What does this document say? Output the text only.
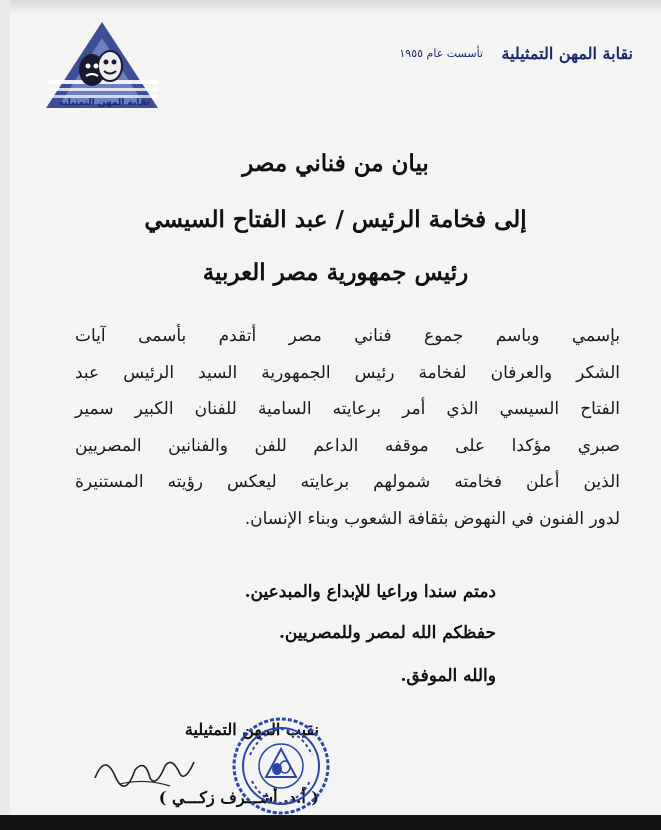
نقابة المهن التمثيلية
نقابة المهن التمثيلية
تأسست عام ١٩٥٥
بيان من فناني مصر
إلى فخامة الرئيس / عبد الفتاح السيسي
رئيس جمهورية مصر العربية
بإسمي وباسم جموع فناني مصر أتقدم بأسمى آيات
الشكر والعرفان لفخامة رئيس الجمهورية السيد الرئيس عبد
الفتاح السيسي الذي أمر برعايته السامية للفنان الكبير سمير
صبري مؤكدا على موقفه الداعم للفن والفنانين المصريين
الذين أعلن فخامته شمولهم برعايته ليعكس رؤيته المستنيرة
لدور الفنون في النهوض بثقافة الشعوب وبناء الإنسان.
دمتم سندا وراعيا للإبداع والمبدعين.
حفظكم الله لمصر وللمصريين.
والله الموفق.
نقيب المهن التمثيلية
( أ.د. أشـــرف زكـــي )
